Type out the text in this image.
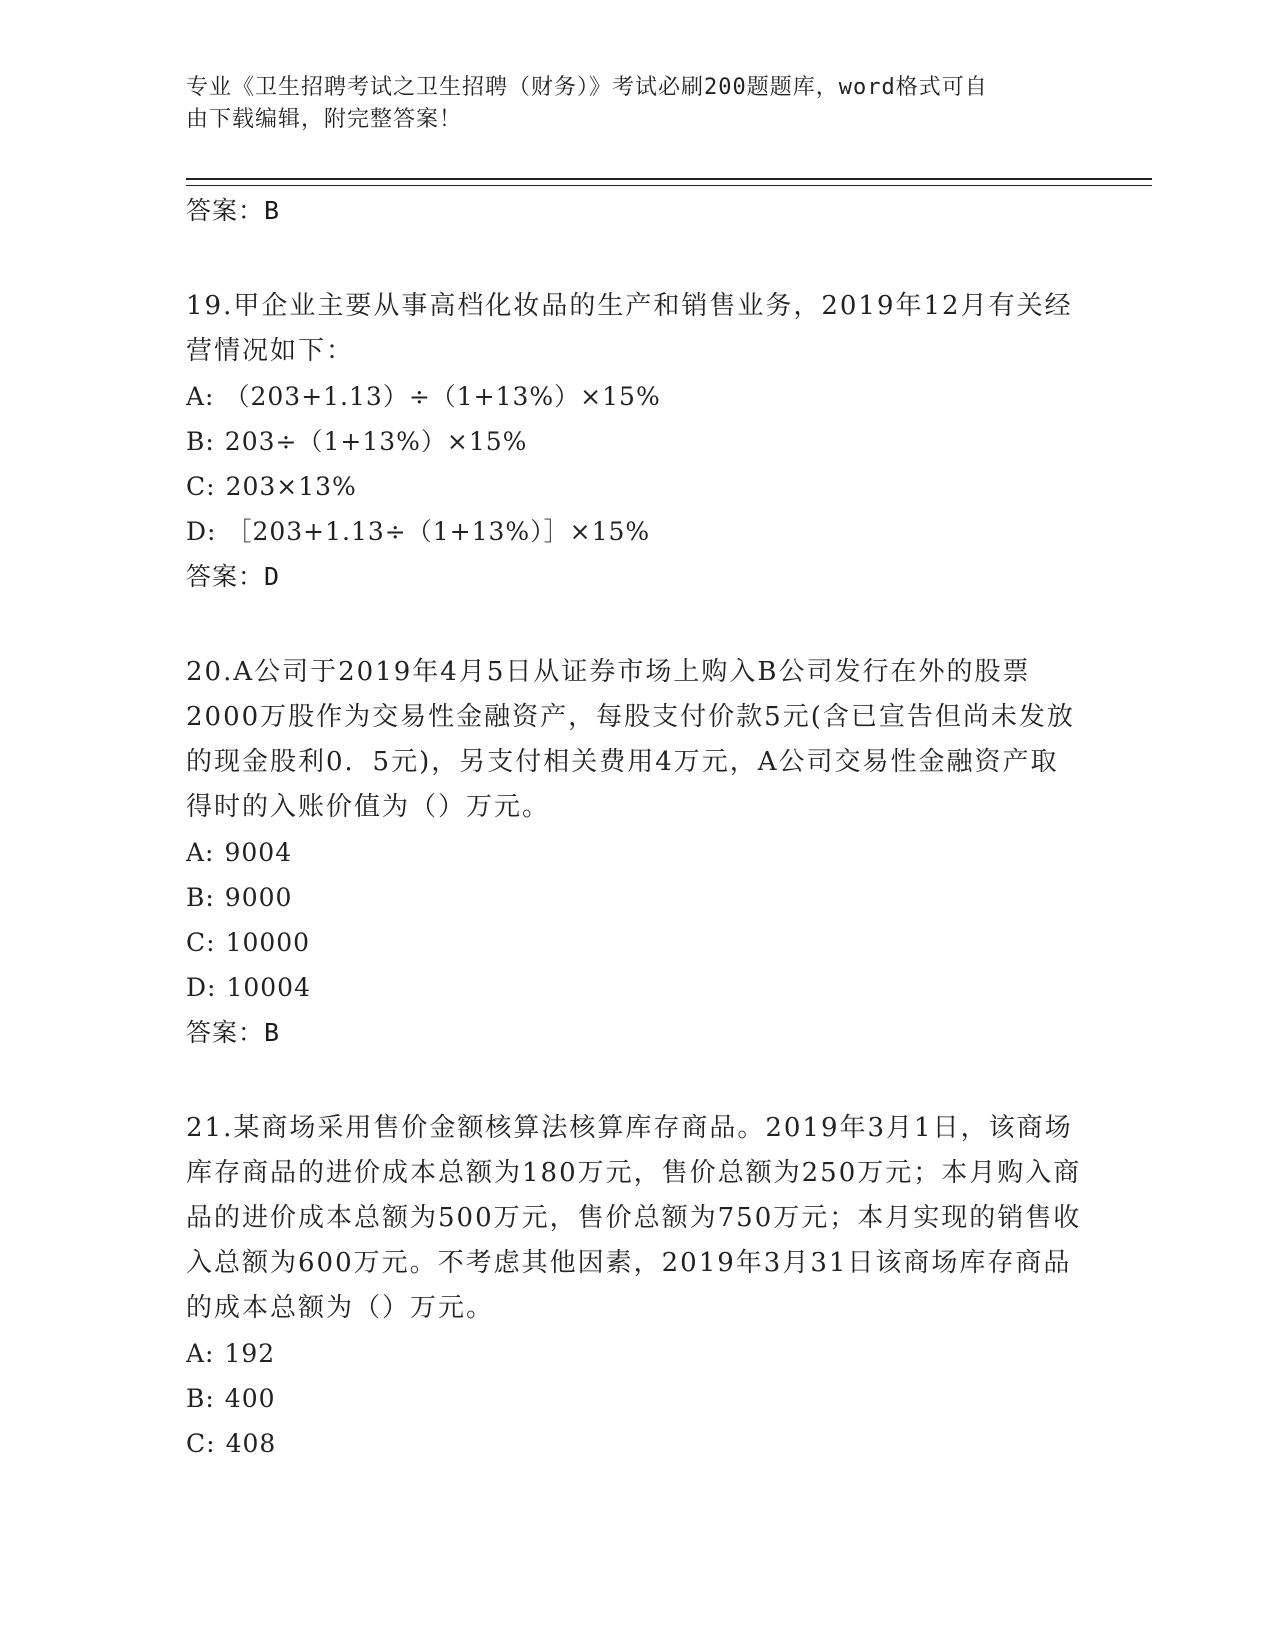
专业《卫生招聘考试之卫生招聘（财务）》考试必刷200题题库，word格式可自
由下载编辑，附完整答案！
答案：B
19.甲企业主要从事高档化妆品的生产和销售业务，2019年12月有关经营情况如下：
A: （203+1.13）÷（1+13%）×15%
B: 203÷（1+13%）×15%
C: 203×13%
D: ［203+1.13÷（1+13%）］×15%
答案：D
20.A公司于2019年4月5日从证券市场上购入B公司发行在外的股票2000万股作为交易性金融资产，每股支付价款5元(含已宣告但尚未发放的现金股利0．5元)，另支付相关费用4万元，A公司交易性金融资产取得时的入账价值为（）万元。
A: 9004
B: 9000
C: 10000
D: 10004
答案：B
21.某商场采用售价金额核算法核算库存商品。2019年3月1日，该商场库存商品的进价成本总额为180万元，售价总额为250万元；本月购入商品的进价成本总额为500万元，售价总额为750万元；本月实现的销售收入总额为600万元。不考虑其他因素，2019年3月31日该商场库存商品的成本总额为（）万元。
A: 192
B: 400
C: 408
